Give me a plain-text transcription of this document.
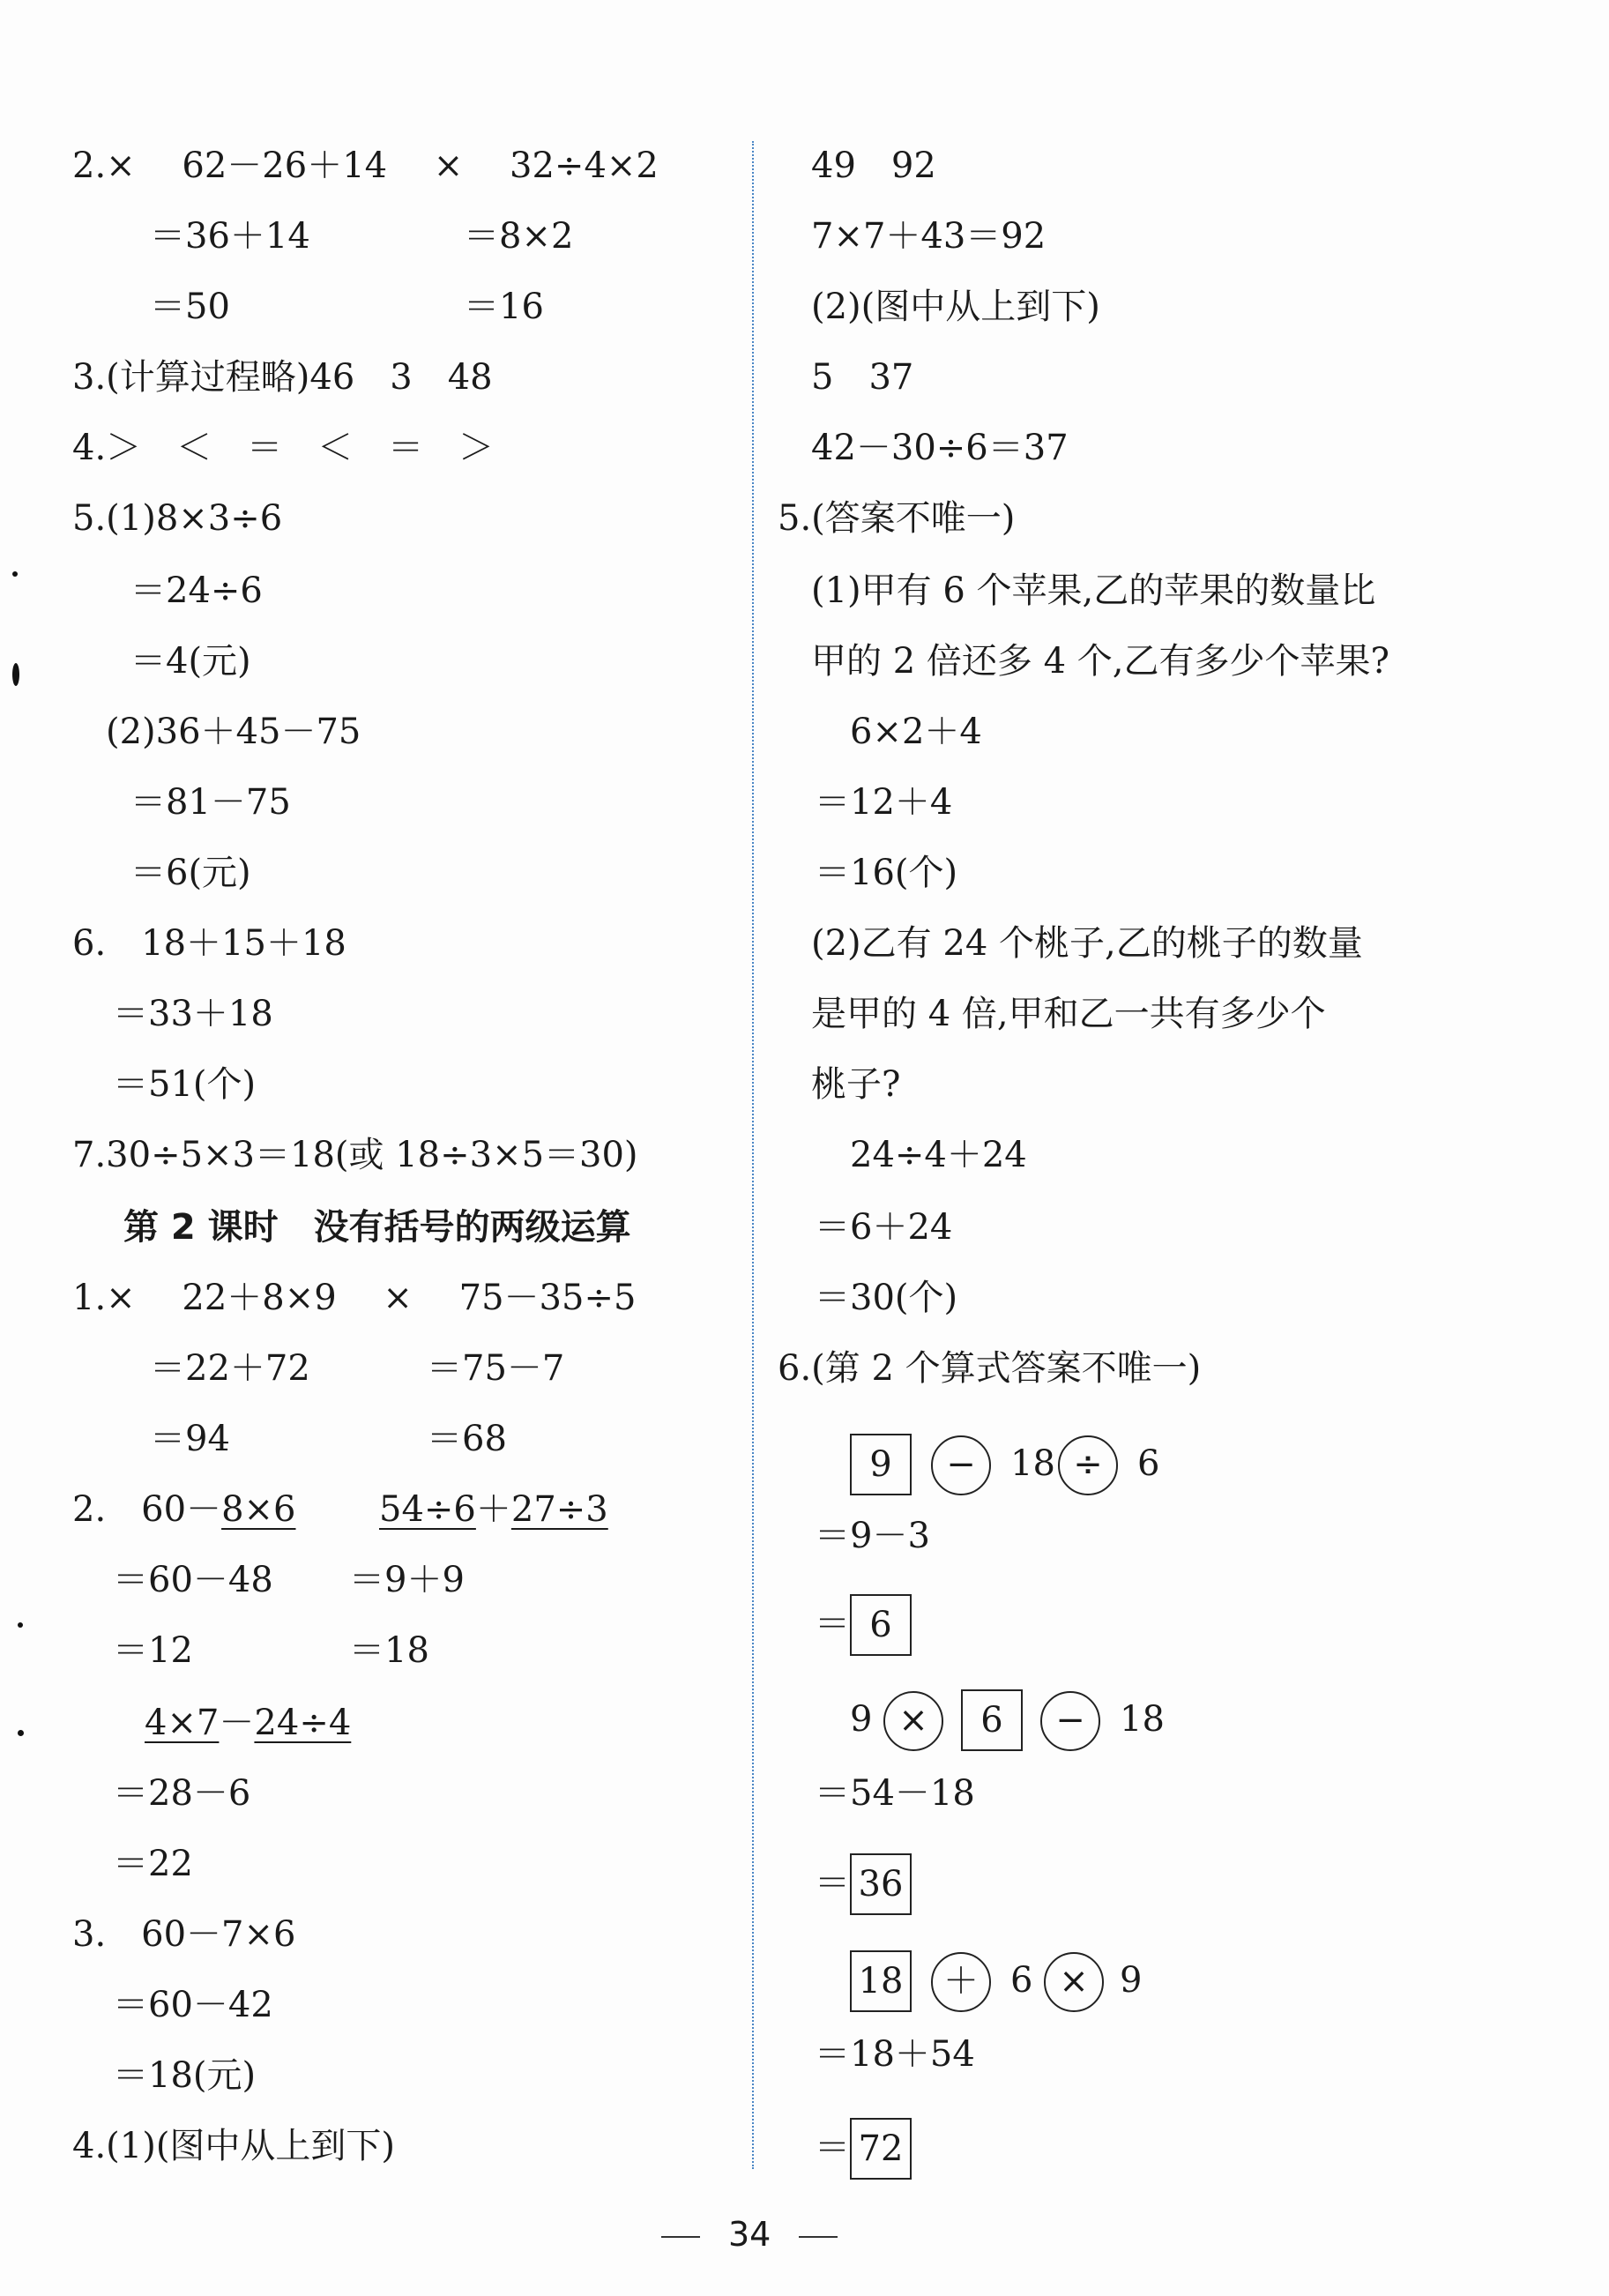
2.×　 62－26＋14　 ×　 32÷4×2
＝36＋14	＝8×2
＝50	＝16
3.(计算过程略)46　3　48
4.＞　＜　＝　＜　＝　＞
5.(1)8×3÷6
＝24÷6
＝4(元)
(2)36＋45－75
＝81－75
＝6(元)
6.　18＋15＋18
＝33＋18
＝51(个)
7.30÷5×3＝18(或 18÷3×5＝30)
第 2 课时　没有括号的两级运算
1.×　 22＋8×9　 ×　 75－35÷5
＝22＋72	＝75－7
＝94	＝68
2.　60－8×6 54÷6＋27÷3
＝60－48 ＝9＋9
＝12	＝18
4×7－24÷4
＝28－6
＝22
3.　60－7×6
＝60－42
＝18(元)
4.(1)(图中从上到下)
49　92
7×7＋43＝92
(2)(图中从上到下)
5　37
42－30÷6＝37
5.(答案不唯一)
(1)甲有 6 个苹果,乙的苹果的数量比
甲的 2 倍还多 4 个,乙有多少个苹果?
6×2＋4
＝12＋4
＝16(个)
(2)乙有 24 个桃子,乙的桃子的数量
是甲的 4 倍,甲和乙一共有多少个
桃子?
24÷4＋24
＝6＋24
＝30(个)
6.(第 2 个算式答案不唯一)
9	− 18 ÷ 6
＝9－3
＝ 6
9 ×	6	− 18
＝54－18
＝ 36
18	＋ 6 × 9
＝18＋54
＝ 72
34
